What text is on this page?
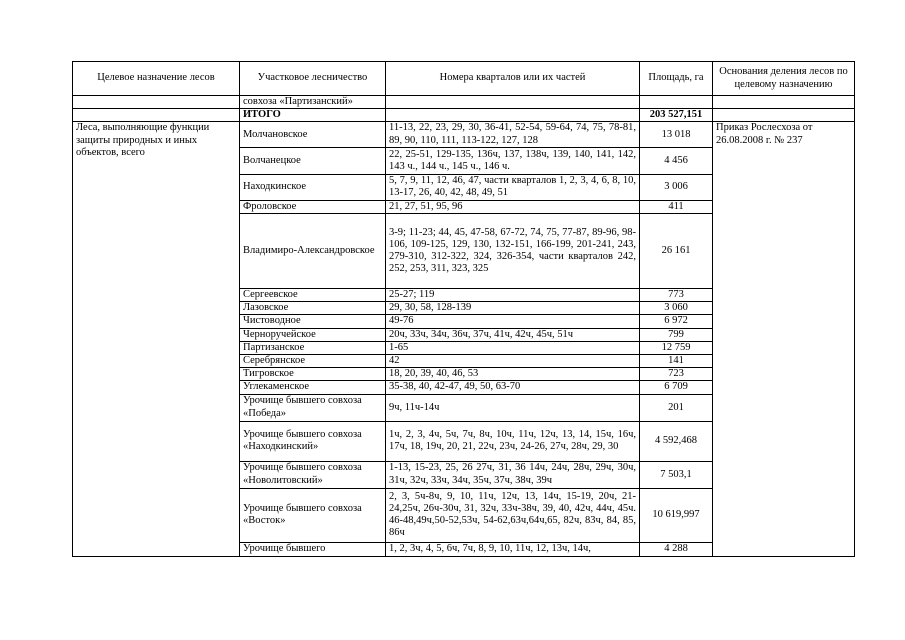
Целевое назначение лесов	Участковое лесничество	Номера кварталов или их частей	Площадь, га	Основания деления лесов по целевому назначению
	совхоза «Партизанский»			
	ИТОГО		203 527,151	
Леса, выполняющие функции защиты природных и иных объектов, всего	Молчановское	11-13, 22, 23, 29, 30, 36-41, 52-54, 59-64, 74, 75, 78-81, 89, 90, 110, 111, 113-122, 127, 128	13 018	Приказ Рослесхоза от 26.08.2008 г. № 237
	Волчанецкое	22, 25-51, 129-135, 136ч, 137, 138ч, 139, 140, 141, 142, 143 ч., 144 ч., 145 ч., 146 ч.	4 456	
	Находкинское	5, 7, 9, 11, 12, 46, 47, части кварталов 1, 2, 3, 4, 6, 8, 10, 13-17, 26, 40, 42, 48, 49, 51	3 006	
	Фроловское	21, 27, 51, 95, 96	411	
	Владимиро-Александровское	3-9; 11-23; 44, 45, 47-58, 67-72, 74, 75, 77-87, 89-96, 98-106, 109-125, 129, 130, 132-151, 166-199, 201-241, 243, 279-310, 312-322, 324, 326-354, части кварталов 242, 252, 253, 311, 323, 325	26 161	
	Сергеевское	25-27; 119	773	
	Лазовское	29, 30, 58, 128-139	3 060	
	Чистоводное	49-76	6 972	
	Черноручейское	20ч, 33ч, 34ч, 36ч, 37ч, 41ч, 42ч, 45ч, 51ч	799	
	Партизанское	1-65	12 759	
	Серебрянское	42	141	
	Тигровское	18, 20, 39, 40, 46, 53	723	
	Углекаменское	35-38, 40, 42-47, 49, 50, 63-70	6 709	
	Урочище бывшего совхоза «Победа»	9ч, 11ч-14ч	201	
	Урочище бывшего совхоза «Находкинский»	1ч, 2, 3, 4ч, 5ч, 7ч, 8ч, 10ч, 11ч, 12ч, 13, 14, 15ч, 16ч, 17ч, 18, 19ч, 20, 21, 22ч, 23ч, 24-26, 27ч, 28ч, 29, 30	4 592,468	
	Урочище бывшего совхоза «Новолитовский»	1-13, 15-23, 25, 26 27ч, 31, 36 14ч, 24ч, 28ч, 29ч, 30ч, 31ч, 32ч, 33ч, 34ч, 35ч, 37ч, 38ч, 39ч	7 503,1	
	Урочище бывшего совхоза «Восток»	2, 3, 5ч-8ч, 9, 10, 11ч, 12ч, 13, 14ч, 15-19, 20ч, 21-24,25ч, 26ч-30ч, 31, 32ч, 33ч-38ч, 39, 40, 42ч, 44ч, 45ч. 46-48,49ч,50-52,53ч, 54-62,63ч,64ч,65, 82ч, 83ч, 84, 85, 86ч	10 619,997	
	Урочище бывшего	1, 2, 3ч, 4, 5, 6ч, 7ч, 8, 9, 10, 11ч, 12, 13ч, 14ч,	4 288	
